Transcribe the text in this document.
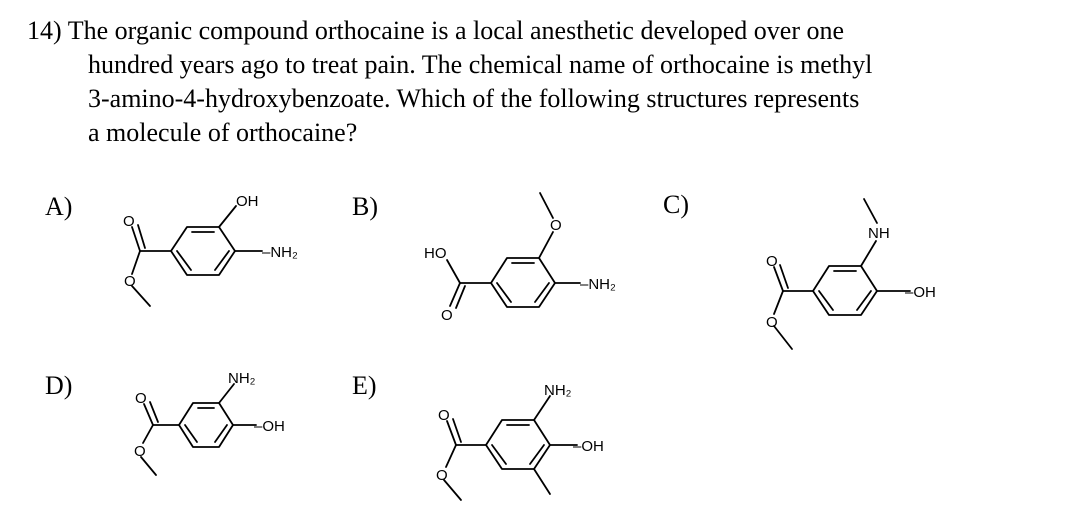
14) The organic compound orthocaine is a local anesthetic developed over one
hundred years ago to treat pain. The chemical name of orthocaine is methyl
3-amino-4-hydroxybenzoate. Which of the following structures represents
a molecule of orthocaine?
A)	B)	C)
D)	E)
O
O
OH
–NH₂	HO
O
O
–NH₂
O
O
NH
–OH
O
O
NH₂
–OH
O
O
NH₂
–OH
